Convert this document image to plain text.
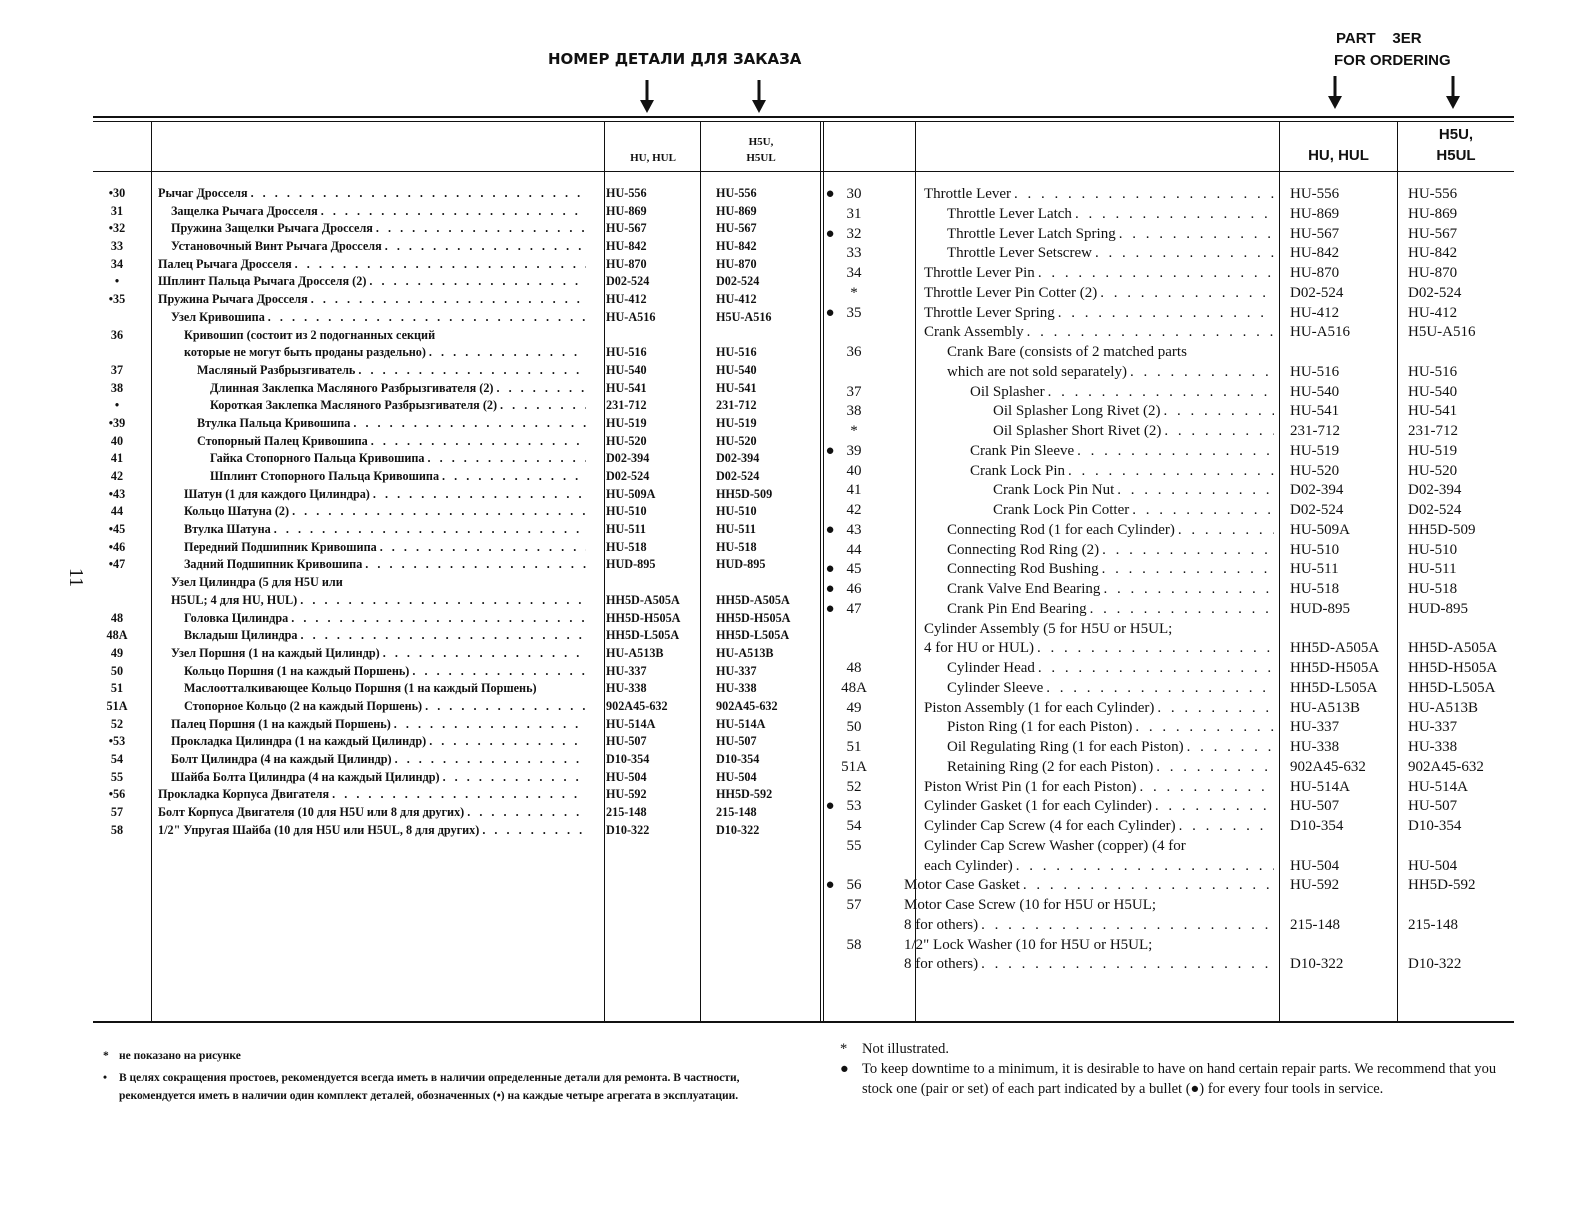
НОМЕР ДЕТАЛИ ДЛЯ ЗАКАЗА
PART    3ER
FOR ORDERING
HU, HUL
H5U,
H5UL	HU, HUL
H5U,
H5UL
11
•30	Рычаг Дросселя . . .	HU-556	HU-556
31	Защелка Рычага Дросселя . . .	HU-869	HU-869
•32	Пружина Защелки Рычага Дросселя . . .	HU-567	HU-567
33	Установочный Винт Рычага Дросселя . . .	HU-842	HU-842
34	Палец Рычага Дросселя . . .	HU-870	HU-870
•	Шплинт Пальца Рычага Дросселя (2) . . .	D02-524	D02-524
•35	Пружина Рычага Дросселя . . .	HU-412	HU-412
Узел Кривошипа . . .	HU-A516	H5U-A516
36	Кривошип (состоит из 2 подогнанных секций
которые не могут быть проданы раздельно) . . .	HU-516	HU-516
37	Масляный Разбрызгиватель . . .	HU-540	HU-540
38	Длинная Заклепка Масляного Разбрызгивателя (2) . . .	HU-541	HU-541
•	Короткая Заклепка Масляного Разбрызгивателя (2) . . .	231-712	231-712
•39	Втулка Пальца Кривошипа . . .	HU-519	HU-519
40	Стопорный Палец Кривошипа . . .	HU-520	HU-520
41	Гайка Стопорного Пальца Кривошипа . . .	D02-394	D02-394
42	Шплинт Стопорного Пальца Кривошипа . . .	D02-524	D02-524
•43	Шатун (1 для каждого Цилиндра) . . .	HU-509A	HH5D-509
44	Кольцо Шатуна (2) . . .	HU-510	HU-510
•45	Втулка Шатуна . . .	HU-511	HU-511
•46	Передний Подшипник Кривошипа . . .	HU-518	HU-518
•47	Задний Подшипник Кривошипа . . .	HUD-895	HUD-895
Узел Цилиндра (5 для H5U или
H5UL; 4 для HU, HUL) . . .	HH5D-A505A	HH5D-A505A
48	Головка Цилиндра . . .	HH5D-H505A	HH5D-H505A
48A	Вкладыш Цилиндра . . .	HH5D-L505A	HH5D-L505A
49	Узел Поршня (1 на каждый Цилиндр) . . .	HU-A513B	HU-A513B
50	Кольцо Поршня (1 на каждый Поршень) . . .	HU-337	HU-337
51	Маслоотталкивающее Кольцо Поршня (1 на каждый Поршень)	HU-338	HU-338
51A	Стопорное Кольцо (2 на каждый Поршень) . . .	902A45-632	902A45-632
52	Палец Поршня (1 на каждый Поршень) . . .	HU-514A	HU-514A
•53	Прокладка Цилиндра (1 на каждый Цилиндр) . . .	HU-507	HU-507
54	Болт Цилиндра (4 на каждый Цилиндр) . . .	D10-354	D10-354
55	Шайба Болта Цилиндра (4 на каждый Цилиндр) . . .	HU-504	HU-504
•56	Прокладка Корпуса Двигателя . . .	HU-592	HH5D-592
57	Болт Корпуса Двигателя (10 для H5U или 8 для других) . . .	215-148	215-148
58	1/2" Упругая Шайба (10 для H5U или H5UL, 8 для других) . . .	D10-322	D10-322
● 30	Throttle Lever . . .	HU-556	HU-556
31	Throttle Lever Latch . . .	HU-869	HU-869
● 32	Throttle Lever Latch Spring . . .	HU-567	HU-567
33	Throttle Lever Setscrew . . .	HU-842	HU-842
34	Throttle Lever Pin . . .	HU-870	HU-870
*	Throttle Lever Pin Cotter (2) . . .	D02-524	D02-524
● 35	Throttle Lever Spring . . .	HU-412	HU-412
Crank Assembly . . .	HU-A516	H5U-A516
36	Crank Bare (consists of 2 matched parts
which are not sold separately) . . .	HU-516	HU-516
37	Oil Splasher . . .	HU-540	HU-540
38	Oil Splasher Long Rivet (2) . . .	HU-541	HU-541
*	Oil Splasher Short Rivet (2) . . .	231-712	231-712
● 39	Crank Pin Sleeve . . .	HU-519	HU-519
40	Crank Lock Pin . . .	HU-520	HU-520
41	Crank Lock Pin Nut . . .	D02-394	D02-394
42	Crank Lock Pin Cotter . . .	D02-524	D02-524
● 43	Connecting Rod (1 for each Cylinder) . . .	HU-509A	HH5D-509
44	Connecting Rod Ring (2) . . .	HU-510	HU-510
● 45	Connecting Rod Bushing . . .	HU-511	HU-511
● 46	Crank Valve End Bearing . . .	HU-518	HU-518
● 47	Crank Pin End Bearing . . .	HUD-895	HUD-895
Cylinder Assembly (5 for H5U or H5UL;
4 for HU or HUL) . . .	HH5D-A505A	HH5D-A505A
48	Cylinder Head . . .	HH5D-H505A	HH5D-H505A
48A	Cylinder Sleeve . . .	HH5D-L505A	HH5D-L505A
49	Piston Assembly (1 for each Cylinder) . . .	HU-A513B	HU-A513B
50	Piston Ring (1 for each Piston) . . .	HU-337	HU-337
51	Oil Regulating Ring (1 for each Piston) . . .	HU-338	HU-338
51A	Retaining Ring (2 for each Piston) . . .	902A45-632	902A45-632
52	Piston Wrist Pin (1 for each Piston) . . .	HU-514A	HU-514A
● 53	Cylinder Gasket (1 for each Cylinder) . . .	HU-507	HU-507
54	Cylinder Cap Screw (4 for each Cylinder) . . .	D10-354	D10-354
55	Cylinder Cap Screw Washer (copper) (4 for
each Cylinder) . . .	HU-504	HU-504
● 56	Motor Case Gasket . . .	HU-592	HH5D-592
57	Motor Case Screw (10 for H5U or H5UL;
8 for others) . . .	215-148	215-148
58	1/2" Lock Washer (10 for H5U or H5UL;
8 for others) . . .	D10-322	D10-322
* не показано на рисунке
• В целях сокращения простоев, рекомендуется всегда иметь в наличии определенные детали для ремонта. В частности, рекомендуется иметь в наличии один комплект деталей, обозначенных (•) на каждые четыре агрегата в эксплуатации.
* Not illustrated.
● To keep downtime to a minimum, it is desirable to have on hand certain repair parts. We recommend that you stock one (pair or set) of each part indicated by a bullet (●) for every four tools in service.
